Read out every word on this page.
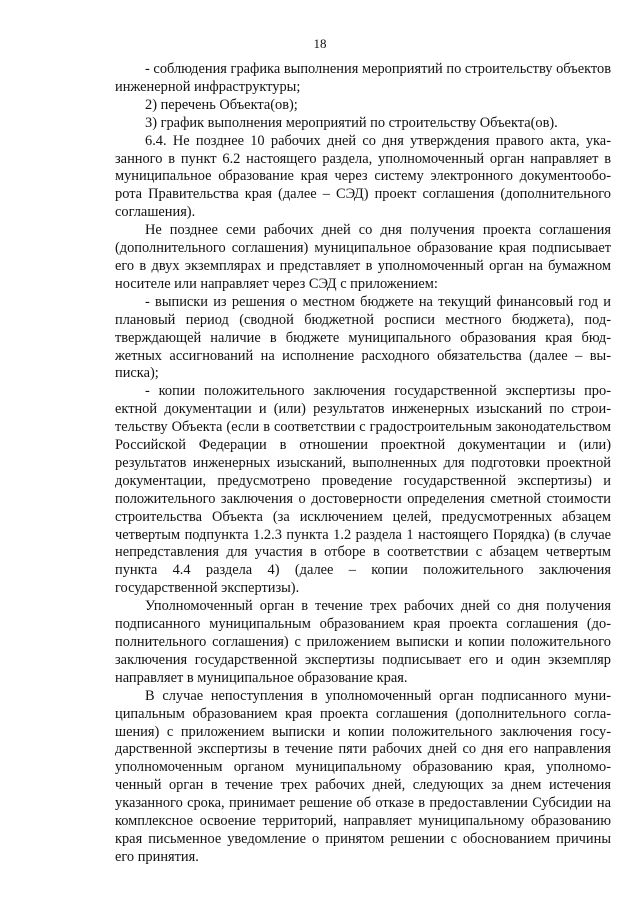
18

- соблюдения графика выполнения мероприятий по строительству объектов инженерной инфраструктуры;

2) перечень Объекта(ов);

3) график выполнения мероприятий по строительству Объекта(ов).

6.4. Не позднее 10 рабочих дней со дня утверждения правого акта, указанного в пункт 6.2 настоящего раздела, уполномоченный орган направляет в муниципальное образование края через систему электронного документооборота Правительства края (далее – СЭД) проект соглашения (дополнительного соглашения).

Не позднее семи рабочих дней со дня получения проекта соглашения (дополнительного соглашения) муниципальное образование края подписывает его в двух экземплярах и представляет в уполномоченный орган на бумажном носителе или направляет через СЭД с приложением:

- выписки из решения о местном бюджете на текущий финансовый год и плановый период (сводной бюджетной росписи местного бюджета), подтверждающей наличие в бюджете муниципального образования края бюджетных ассигнований на исполнение расходного обязательства (далее – выписка);

- копии положительного заключения государственной экспертизы проектной документации и (или) результатов инженерных изысканий по строительству Объекта (если в соответствии с градостроительным законодательством Российской Федерации в отношении проектной документации и (или) результатов инженерных изысканий, выполненных для подготовки проектной документации, предусмотрено проведение государственной экспертизы) и положительного заключения о достоверности определения сметной стоимости строительства Объекта (за исключением целей, предусмотренных абзацем четвертым подпункта 1.2.3 пункта 1.2 раздела 1 настоящего Порядка) (в случае непредставления для участия в отборе в соответствии с абзацем четвертым пункта 4.4 раздела 4) (далее – копии положительного заключения государственной экспертизы).

Уполномоченный орган в течение трех рабочих дней со дня получения подписанного муниципальным образованием края проекта соглашения (дополнительного соглашения) с приложением выписки и копии положительного заключения государственной экспертизы подписывает его и один экземпляр направляет в муниципальное образование края.

В случае непоступления в уполномоченный орган подписанного муниципальным образованием края проекта соглашения (дополнительного соглашения) с приложением выписки и копии положительного заключения государственной экспертизы в течение пяти рабочих дней со дня его направления уполномоченным органом муниципальному образованию края, уполномоченный орган в течение трех рабочих дней, следующих за днем истечения указанного срока, принимает решение об отказе в предоставлении Субсидии на комплексное освоение территорий, направляет муниципальному образованию края письменное уведомление о принятом решении с обоснованием причины его принятия.
